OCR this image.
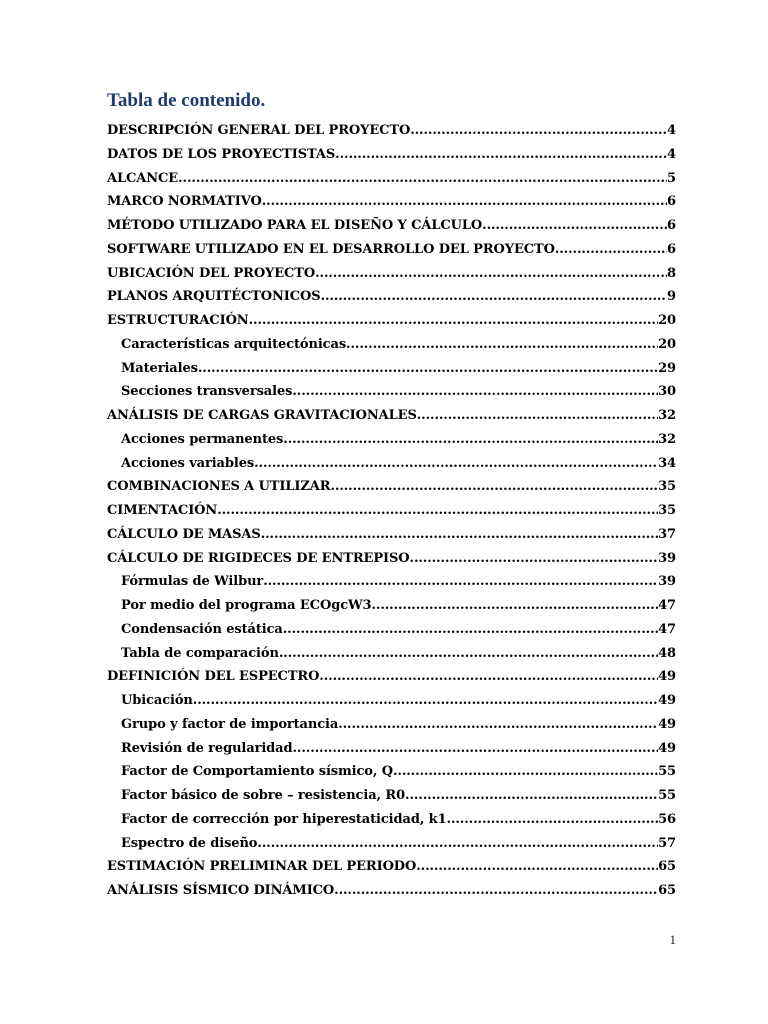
Tabla de contenido.
DESCRIPCIÓN GENERAL DEL PROYECTO .....	4
DATOS DE LOS PROYECTISTAS .....	4
ALCANCE .....	5
MARCO NORMATIVO .....	6
MÉTODO UTILIZADO PARA EL DISEÑO Y CÁLCULO .....	6
SOFTWARE UTILIZADO EN EL DESARROLLO DEL PROYECTO .....	6
UBICACIÓN DEL PROYECTO .....	8
PLANOS ARQUITÉCTONICOS .....	9
ESTRUCTURACIÓN .....	20
Características arquitectónicas .....	20
Materiales .....	29
Secciones transversales .....	30
ANÁLISIS DE CARGAS GRAVITACIONALES .....	32
Acciones permanentes .....	32
Acciones variables .....	34
COMBINACIONES A UTILIZAR .....	35
CIMENTACIÓN .....	35
CÁLCULO DE MASAS .....	37
CÁLCULO DE RIGIDECES DE ENTREPISO .....	39
Fórmulas de Wilbur .....	39
Por medio del programa ECOgcW3 .....	47
Condensación estática .....	47
Tabla de comparación .....	48
DEFINICIÓN DEL ESPECTRO .....	49
Ubicación .....	49
Grupo y factor de importancia .....	49
Revisión de regularidad .....	49
Factor de Comportamiento sísmico, Q .....	55
Factor básico de sobre – resistencia, R0 .....	55
Factor de corrección por hiperestaticidad, k1 .....	56
Espectro de diseño .....	57
ESTIMACIÓN PRELIMINAR DEL PERIODO .....	65
ANÁLISIS SÍSMICO DINÁMICO .....	65
1
